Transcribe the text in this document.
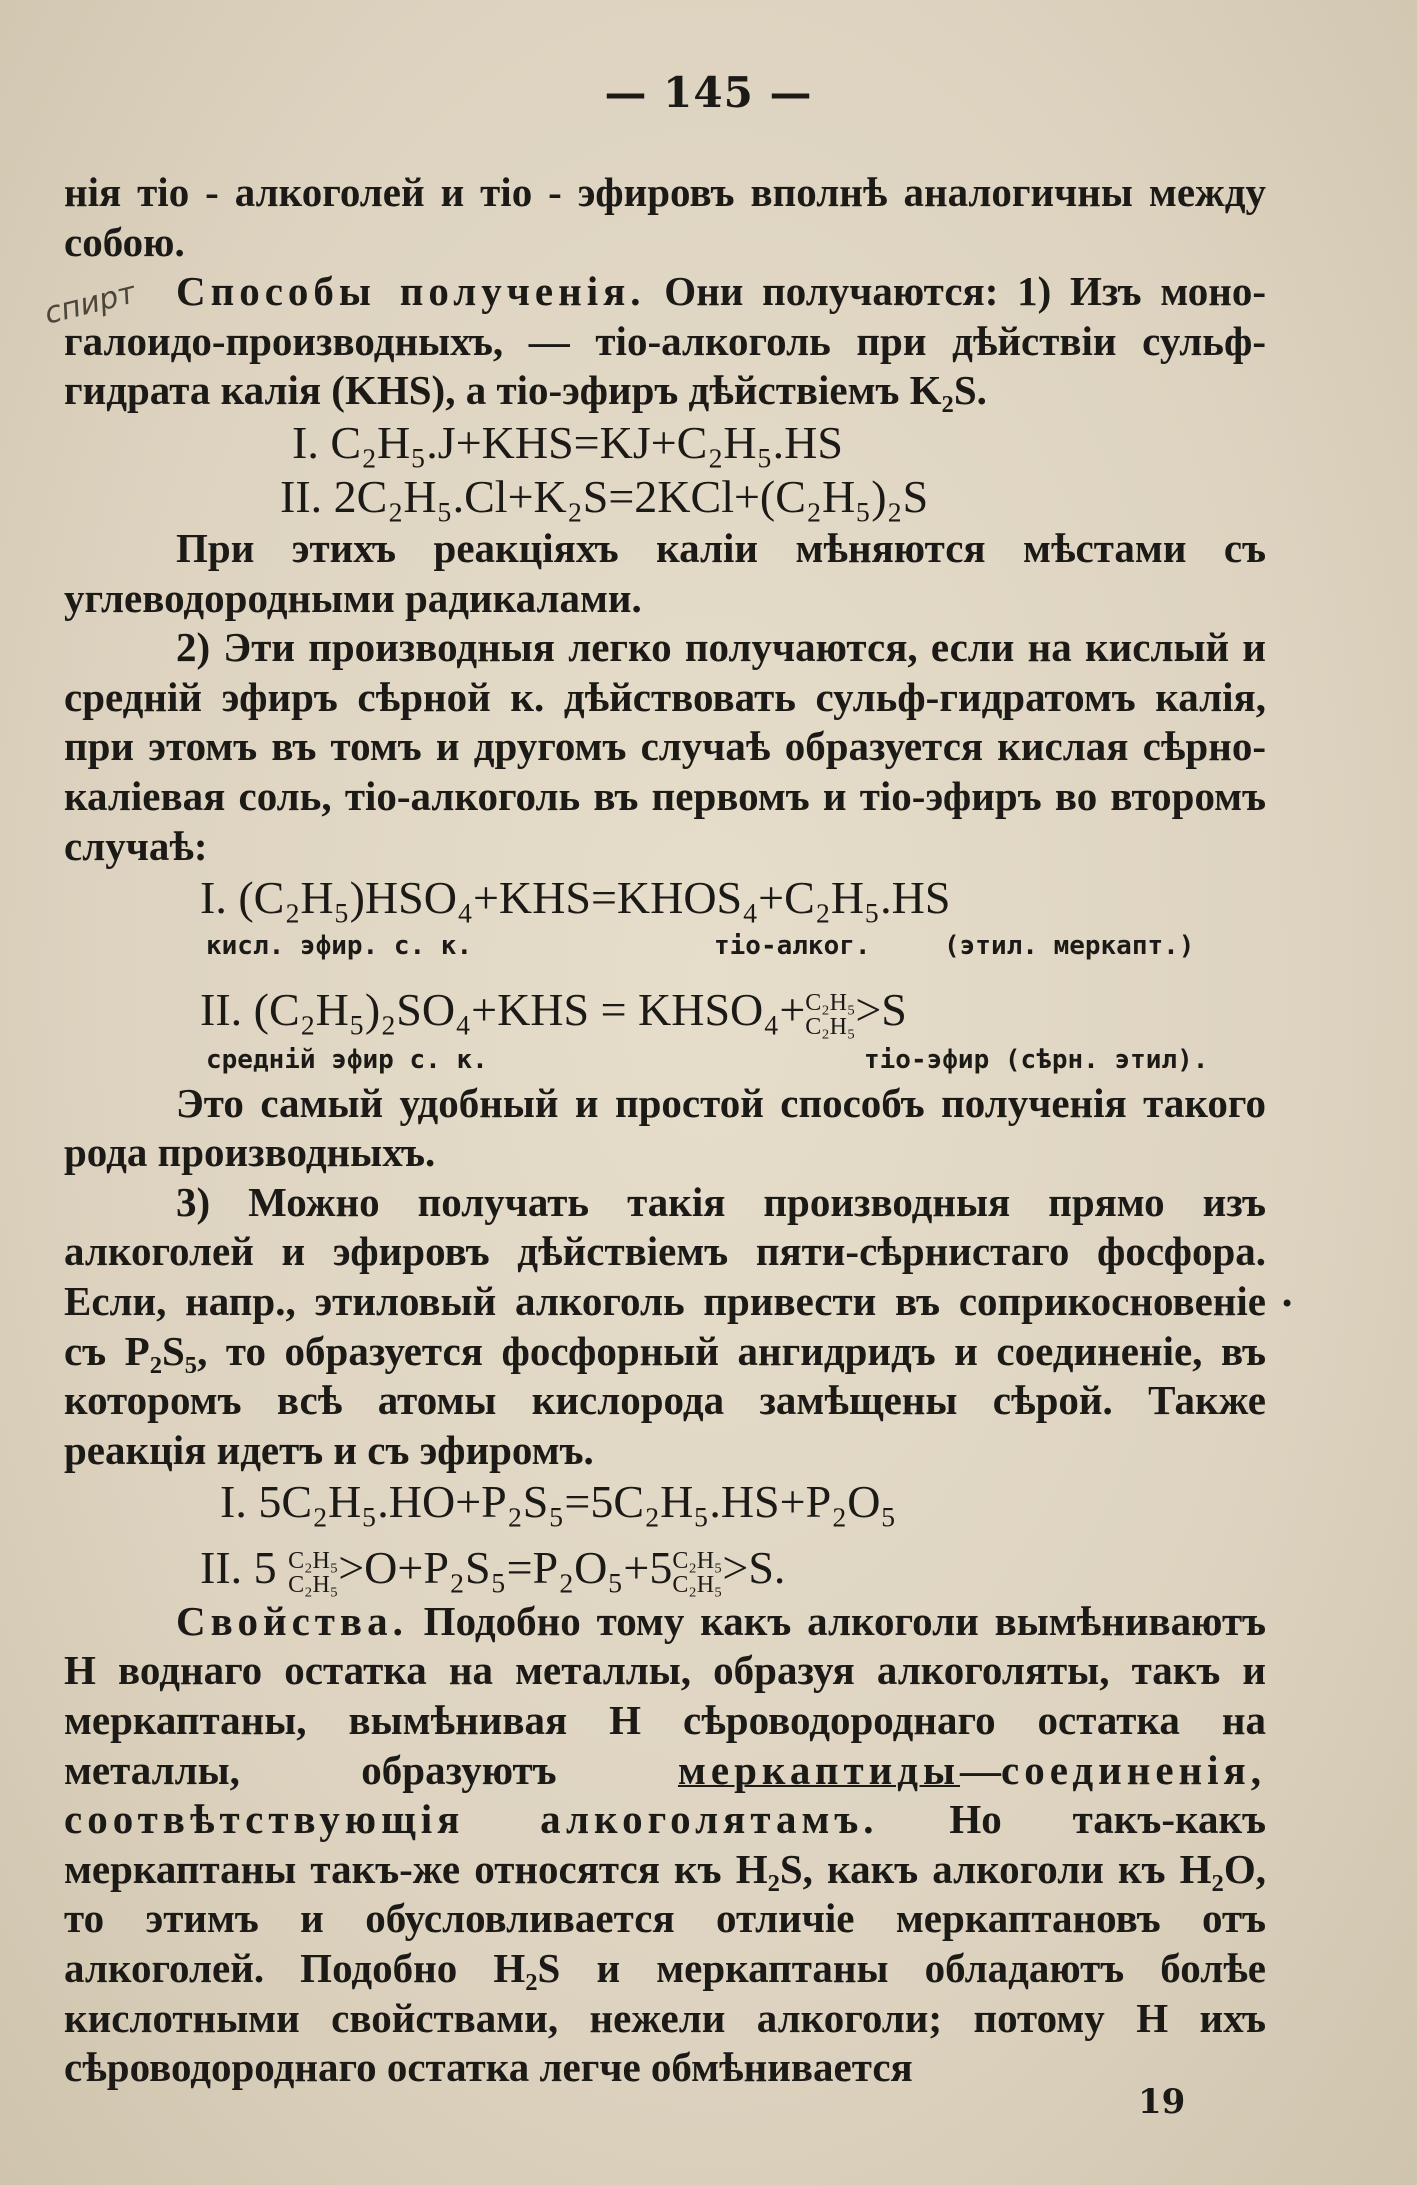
— 145 —
спирт
•

нія тіо - алкоголей и тіо - эфировъ вполнѣ аналогичны между собою.

Способы полученія. Они получаются: 1) Изъ моно-галоидо-производныхъ, — тіо-алкоголь при дѣйствіи сульф-гидрата калія (KHS), а тіо-эфиръ дѣйствіемъ K₂S.

I. C₂H₅.J+KHS=KJ+C₂H₅.HS
II. 2C₂H₅.Cl+K₂S=2KCl+(C₂H₅)₂S

При этихъ реакціяхъ каліи мѣняются мѣстами съ углеводородными радикалами.

2) Эти производныя легко получаются, если на кислый и средній эфиръ сѣрной к. дѣйствовать сульф-гидратомъ калія, при этомъ въ томъ и другомъ случаѣ образуется кислая сѣрно-каліевая соль, тіо-алкоголь въ первомъ и тіо-эфиръ во второмъ случаѣ:

I. (C₂H₅)HSO₄+KHS=KHOS₄+C₂H₅.HS
кисл. эфир. с. к.	тіо-алког.	(этил. меркапт.)
II. (C₂H₅)₂SO₄+KHS = KHSO₄+ C₂H₅
C₂H₅ >S
средній эфир с. к.	тіо-эфир (сѣрн. этил).

Это самый удобный и простой способъ полученія такого рода производныхъ.

3) Можно получать такія производныя прямо изъ алкоголей и эфировъ дѣйствіемъ пяти-сѣрнистаго фосфора. Если, напр., этиловый алкоголь привести въ соприкосновеніе съ P₂S₅, то образуется фосфорный ангидридъ и соединеніе, въ которомъ всѣ атомы кислорода замѣщены сѣрой. Также реакція идетъ и съ эфиромъ.

I. 5C₂H₅.HO+P₂S₅=5C₂H₅.HS+P₂O₅
II. 5 C₂H₅
C₂H₅ >O+P₂S₅=P₂O₅+5 C₂H₅
C₂H₅ >S.

Свойства. Подобно тому какъ алкоголи вымѣниваютъ H воднаго остатка на металлы, образуя алкоголяты, такъ и меркаптаны, вымѣнивая H сѣроводороднаго остатка на металлы, образуютъ меркаптиды—соединенія, соотвѣтствующія алкоголятамъ. Но такъ-какъ меркаптаны такъ-же относятся къ H₂S, какъ алкоголи къ H₂O, то этимъ и обусловливается отличіе меркаптановъ отъ алкоголей. Подобно H₂S и меркаптаны обладаютъ болѣе кислотными свойствами, нежели алкоголи; потому H ихъ сѣроводороднаго остатка легче обмѣнивается

19
